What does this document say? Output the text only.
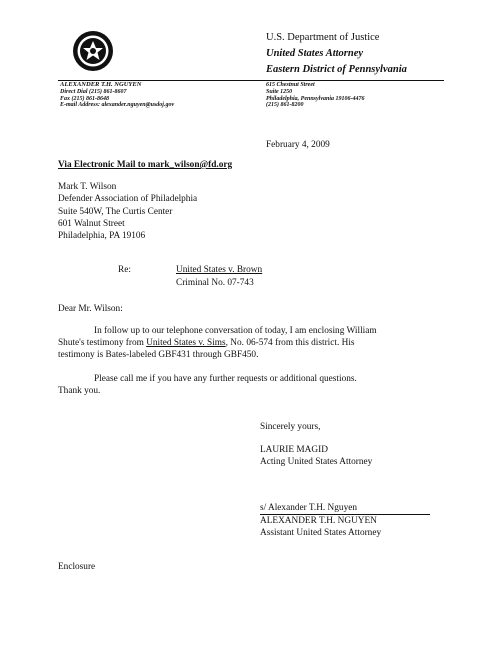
U.S. Department of Justice
United States Attorney
Eastern District of Pennsylvania
ALEXANDER T.H. NGUYEN
Direct Dial (215) 861-8607
Fax (215) 861-8648
E-mail Address: alexander.nguyen@usdoj.gov
615 Chestnut Street
Suite 1250
Philadelphia, Pennsylvania 19106-4476
(215) 861-8200
February 4, 2009
Via Electronic Mail to mark_wilson@fd.org
Mark T. Wilson
Defender Association of Philadelphia
Suite 540W, The Curtis Center
601 Walnut Street
Philadelphia, PA 19106
Re:	United States v. Brown
Criminal No. 07-743
Dear Mr. Wilson:
In follow up to our telephone conversation of today, I am enclosing William
Shute's testimony from United States v. Sims, No. 06-574 from this district. His
testimony is Bates-labeled GBF431 through GBF450.
Please call me if you have any further requests or additional questions.
Thank you.
Sincerely yours,
LAURIE MAGID
Acting United States Attorney
s/ Alexander T.H. Nguyen
ALEXANDER T.H. NGUYEN
Assistant United States Attorney
Enclosure
